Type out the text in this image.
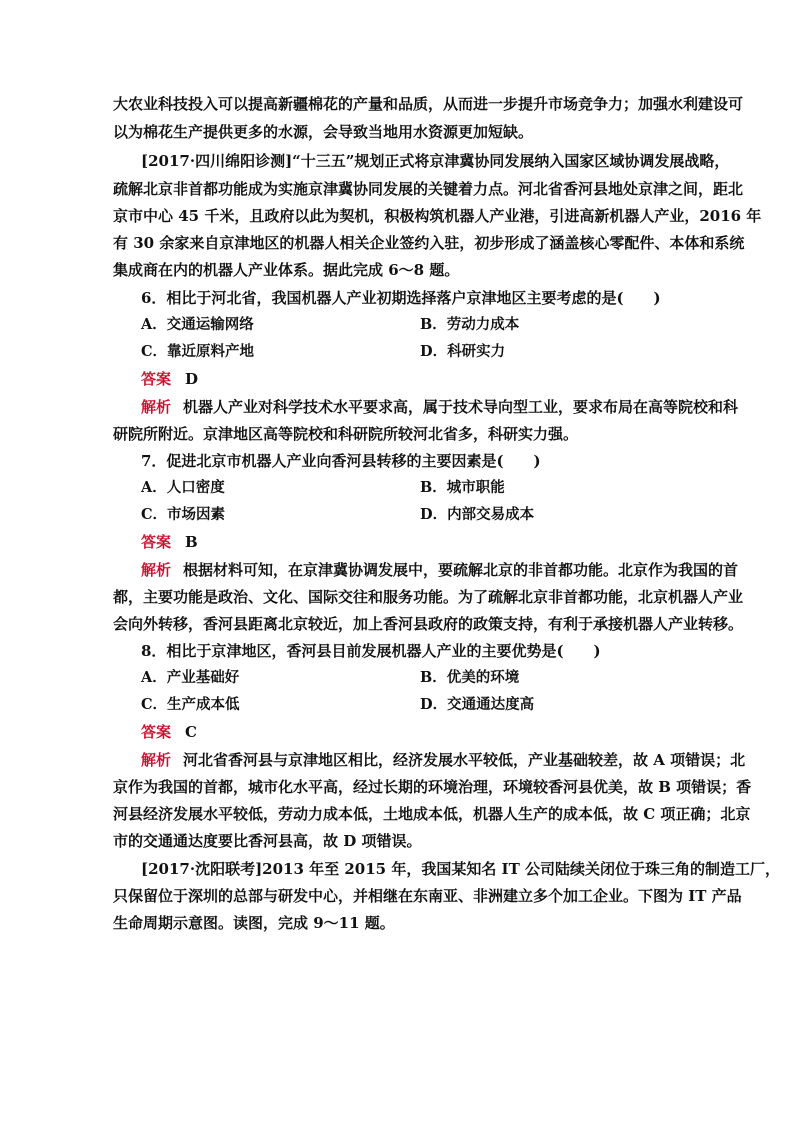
大农业科技投入可以提高新疆棉花的产量和品质，从而进一步提升市场竞争力；加强水利建设可
以为棉花生产提供更多的水源，会导致当地用水资源更加短缺。
[2017·四川绵阳诊测]“十三五”规划正式将京津冀协同发展纳入国家区域协调发展战略，
疏解北京非首都功能成为实施京津冀协同发展的关键着力点。河北省香河县地处京津之间，距北
京市中心 45 千米，且政府以此为契机，积极构筑机器人产业港，引进高新机器人产业，2016 年
有 30 余家来自京津地区的机器人相关企业签约入驻，初步形成了涵盖核心零配件、本体和系统
集成商在内的机器人产业体系。据此完成 6～8 题。
6．相比于河北省，我国机器人产业初期选择落户京津地区主要考虑的是(　　)
A．交通运输网络	B．劳动力成本
C．靠近原料产地	D．科研实力
答案 D
解析 机器人产业对科学技术水平要求高，属于技术导向型工业，要求布局在高等院校和科
研院所附近。京津地区高等院校和科研院所较河北省多，科研实力强。
7．促进北京市机器人产业向香河县转移的主要因素是(　　)
A．人口密度	B．城市职能
C．市场因素	D．内部交易成本
答案 B
解析 根据材料可知，在京津冀协调发展中，要疏解北京的非首都功能。北京作为我国的首
都，主要功能是政治、文化、国际交往和服务功能。为了疏解北京非首都功能，北京机器人产业
会向外转移，香河县距离北京较近，加上香河县政府的政策支持，有利于承接机器人产业转移。
8．相比于京津地区，香河县目前发展机器人产业的主要优势是(　　)
A．产业基础好	B．优美的环境
C．生产成本低	D．交通通达度高
答案 C
解析 河北省香河县与京津地区相比，经济发展水平较低，产业基础较差，故 A 项错误；北
京作为我国的首都，城市化水平高，经过长期的环境治理，环境较香河县优美，故 B 项错误；香
河县经济发展水平较低，劳动力成本低，土地成本低，机器人生产的成本低，故 C 项正确；北京
市的交通通达度要比香河县高，故 D 项错误。
[2017·沈阳联考]2013 年至 2015 年，我国某知名 IT 公司陆续关闭位于珠三角的制造工厂，
只保留位于深圳的总部与研发中心，并相继在东南亚、非洲建立多个加工企业。下图为 IT 产品
生命周期示意图。读图，完成 9～11 题。
